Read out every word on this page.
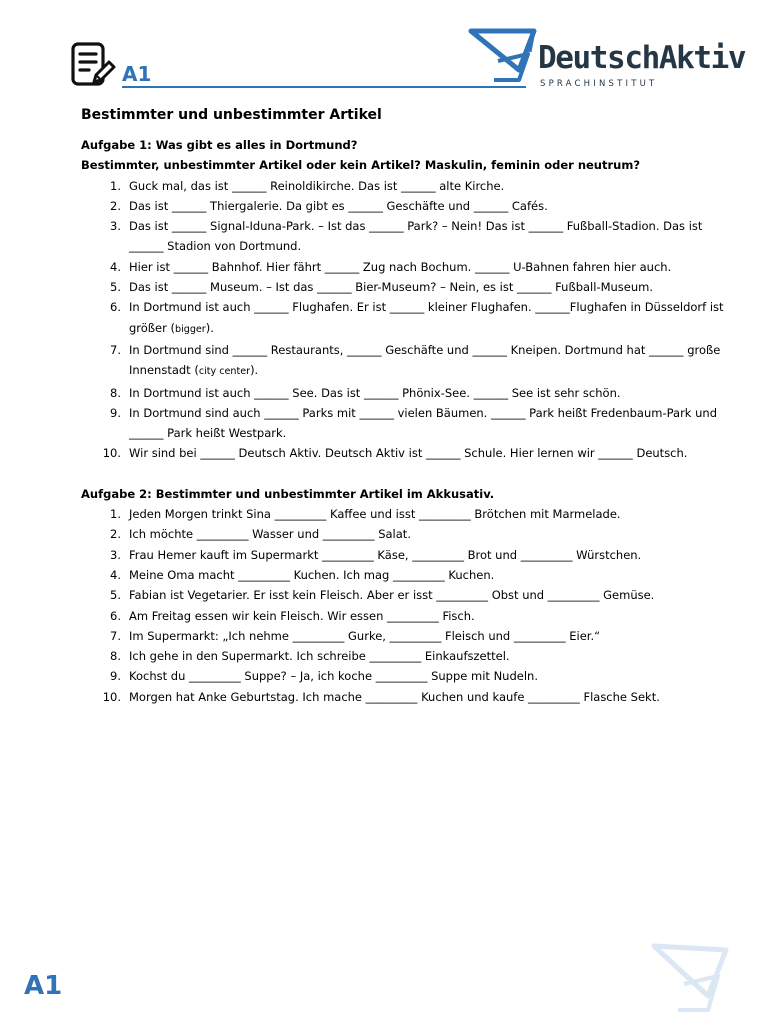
A1	DeutschAktiv
SPRACHINSTITUT
Bestimmter und unbestimmter Artikel
Aufgabe 1: Was gibt es alles in Dortmund?
Bestimmter, unbestimmter Artikel oder kein Artikel? Maskulin, feminin oder neutrum?
1. Guck mal, das ist ______ Reinoldikirche. Das ist ______ alte Kirche.
2. Das ist ______ Thiergalerie. Da gibt es ______ Geschäfte und ______ Cafés.
3. Das ist ______ Signal-Iduna-Park. – Ist das ______ Park? – Nein! Das ist ______ Fußball-Stadion. Das ist ______ Stadion von Dortmund.
4. Hier ist ______ Bahnhof. Hier fährt ______ Zug nach Bochum. ______ U-Bahnen fahren hier auch.
5. Das ist ______ Museum. – Ist das ______ Bier-Museum? – Nein, es ist ______ Fußball-Museum.
6. In Dortmund ist auch ______ Flughafen. Er ist ______ kleiner Flughafen. ______Flughafen in Düsseldorf ist größer (bigger).
7. In Dortmund sind ______ Restaurants, ______ Geschäfte und ______ Kneipen. Dortmund hat ______ große Innenstadt (city center).
8. In Dortmund ist auch ______ See. Das ist ______ Phönix-See. ______ See ist sehr schön.
9. In Dortmund sind auch ______ Parks mit ______ vielen Bäumen. ______ Park heißt Fredenbaum-Park und ______ Park heißt Westpark.
10. Wir sind bei ______ Deutsch Aktiv. Deutsch Aktiv ist ______ Schule. Hier lernen wir ______ Deutsch.
Aufgabe 2: Bestimmter und unbestimmter Artikel im Akkusativ.
1. Jeden Morgen trinkt Sina _________ Kaffee und isst _________ Brötchen mit Marmelade.
2. Ich möchte _________ Wasser und _________ Salat.
3. Frau Hemer kauft im Supermarkt _________ Käse, _________ Brot und _________ Würstchen.
4. Meine Oma macht _________ Kuchen. Ich mag _________ Kuchen.
5. Fabian ist Vegetarier. Er isst kein Fleisch. Aber er isst _________ Obst und _________ Gemüse.
6. Am Freitag essen wir kein Fleisch. Wir essen _________ Fisch.
7. Im Supermarkt: „Ich nehme _________ Gurke, _________ Fleisch und _________ Eier.“
8. Ich gehe in den Supermarkt. Ich schreibe _________ Einkaufszettel.
9. Kochst du _________ Suppe? – Ja, ich koche _________ Suppe mit Nudeln.
10. Morgen hat Anke Geburtstag. Ich mache _________ Kuchen und kaufe _________ Flasche Sekt.
A1
